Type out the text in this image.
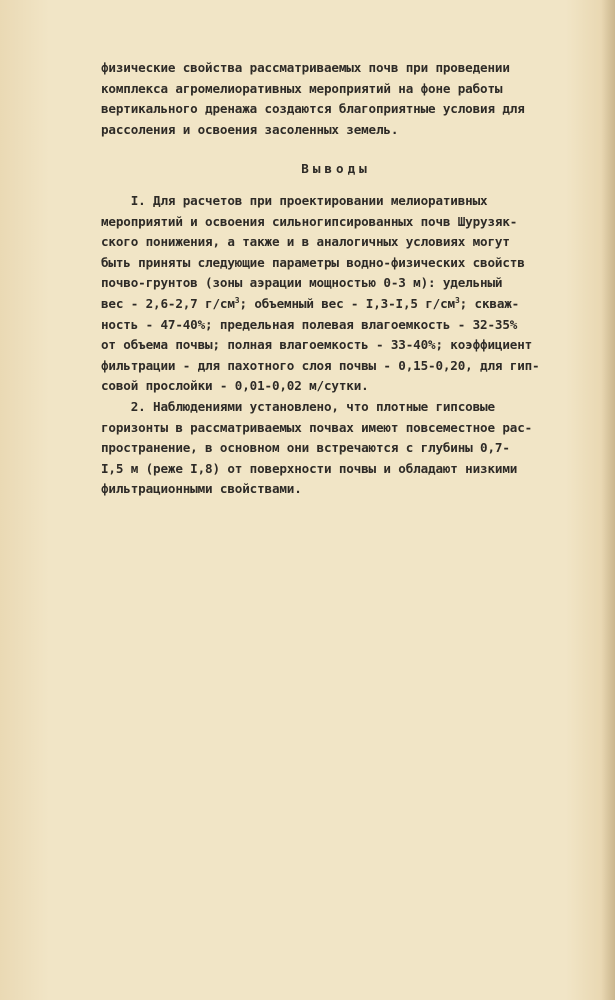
физические свойства рассматриваемых почв при проведении
комплекса агромелиоративных мероприятий на фоне работы
вертикального дренажа создаются благоприятные условия для
рассоления и освоения засоленных земель.
Выводы
I. Для расчетов при проектировании мелиоративных
мероприятий и освоения сильногипсированных почв Шурузяк-
ского понижения, а также и в аналогичных условиях могут
быть приняты следующие параметры водно-физических свойств
почво-грунтов (зоны аэрации мощностью 0-3 м): удельный
вес - 2,6-2,7 $г/см^3$; объемный вес - I,3-I,5 $г/см^3$; скваж-
ность - 47-40%; предельная полевая влагоемкость - 32-35%
от объема почвы; полная влагоемкость - 33-40%; коэффициент
фильтрации - для пахотного слоя почвы - 0,15-0,20, для гип-
совой прослойки - 0,01-0,02 м/сутки.
2. Наблюдениями установлено, что плотные гипсовые
горизонты в рассматриваемых почвах имеют повсеместное рас-
пространение, в основном они встречаются с глубины 0,7-
I,5 м (реже I,8) от поверхности почвы и обладают низкими
фильтрационными свойствами.
